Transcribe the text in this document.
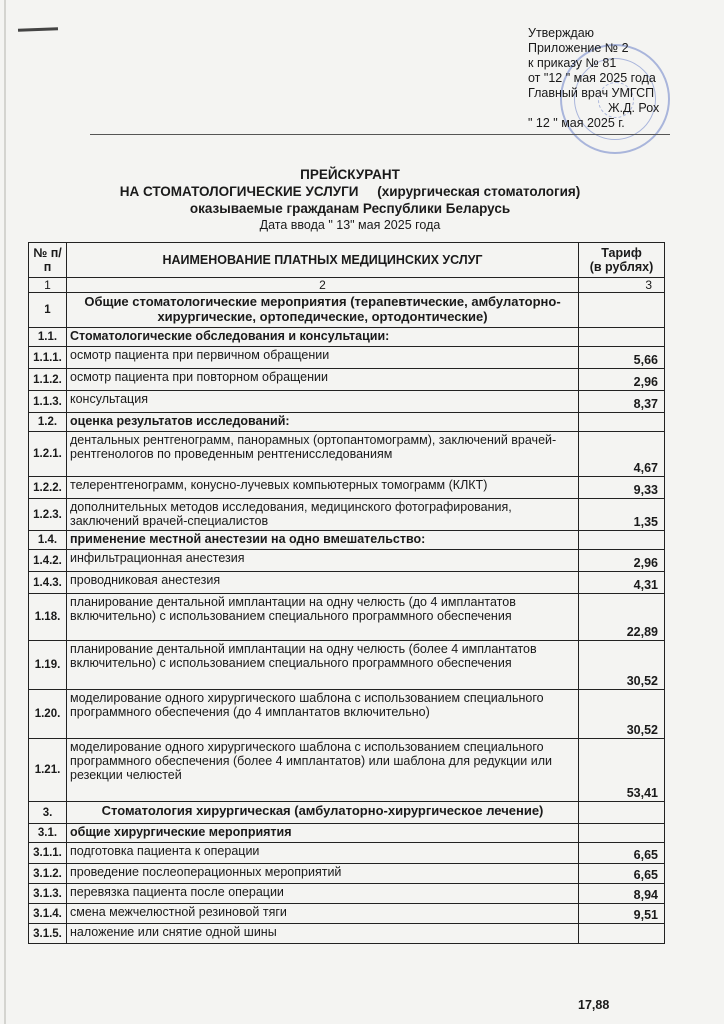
Утверждаю
Приложение № 2
к приказу № 81
от "12 " мая 2025 года
Главный врач УМГСП
Ж.Д. Рох
" 12 " мая 2025 г.
ПРЕЙСКУРАНТ
НА СТОМАТОЛОГИЧЕСКИЕ УСЛУГИ     (хирургическая стоматология)
оказываемые гражданам Республики Беларусь
Дата ввода " 13" мая 2025 года
№ п/п	НАИМЕНОВАНИЕ ПЛАТНЫХ МЕДИЦИНСКИХ УСЛУГ	Тариф
(в рублях)
1	2	3
1	Общие стоматологические мероприятия (терапевтические, амбулаторно-хирургические, ортопедические, ортодонтические)	
1.1.	Стоматологические обследования и консультации:	
1.1.1.	осмотр пациента при первичном обращении	5,66
1.1.2.	осмотр пациента при повторном обращении	2,96
1.1.3.	консультация	8,37
1.2.	оценка результатов исследований:	
1.2.1.	дентальных рентгенограмм, панорамных (ортопантомограмм), заключений врачей-рентгенологов по проведенным рентгенисследованиям	4,67
1.2.2.	телерентгенограмм, конусно-лучевых компьютерных томограмм (КЛКТ)	9,33
1.2.3.	дополнительных методов исследования, медицинского фотографирования, заключений врачей-специалистов	1,35
1.4.	применение местной анестезии на одно вмешательство:	
1.4.2.	инфильтрационная анестезия	2,96
1.4.3.	проводниковая анестезия	4,31
1.18.	планирование дентальной имплантации на одну челюсть (до 4 имплантатов включительно) с использованием специального программного обеспечения	22,89
1.19.	планирование дентальной имплантации на одну челюсть (более 4 имплантатов включительно) с использованием специального программного обеспечения	30,52
1.20.	моделирование одного хирургического шаблона с использованием специального программного обеспечения (до 4 имплантатов включительно)	30,52
1.21.	моделирование одного хирургического шаблона с использованием специального программного обеспечения (более 4 имплантатов) или шаблона для редукции или резекции челюстей	53,41
3.	Стоматология хирургическая (амбулаторно-хирургическое лечение)	
3.1.	общие хирургические мероприятия	
3.1.1.	подготовка пациента к операции	6,65
3.1.2.	проведение послеоперационных мероприятий	6,65
3.1.3.	перевязка пациента после операции	8,94
3.1.4.	смена межчелюстной резиновой тяги	9,51
3.1.5.	наложение или снятие одной шины	
17,88
